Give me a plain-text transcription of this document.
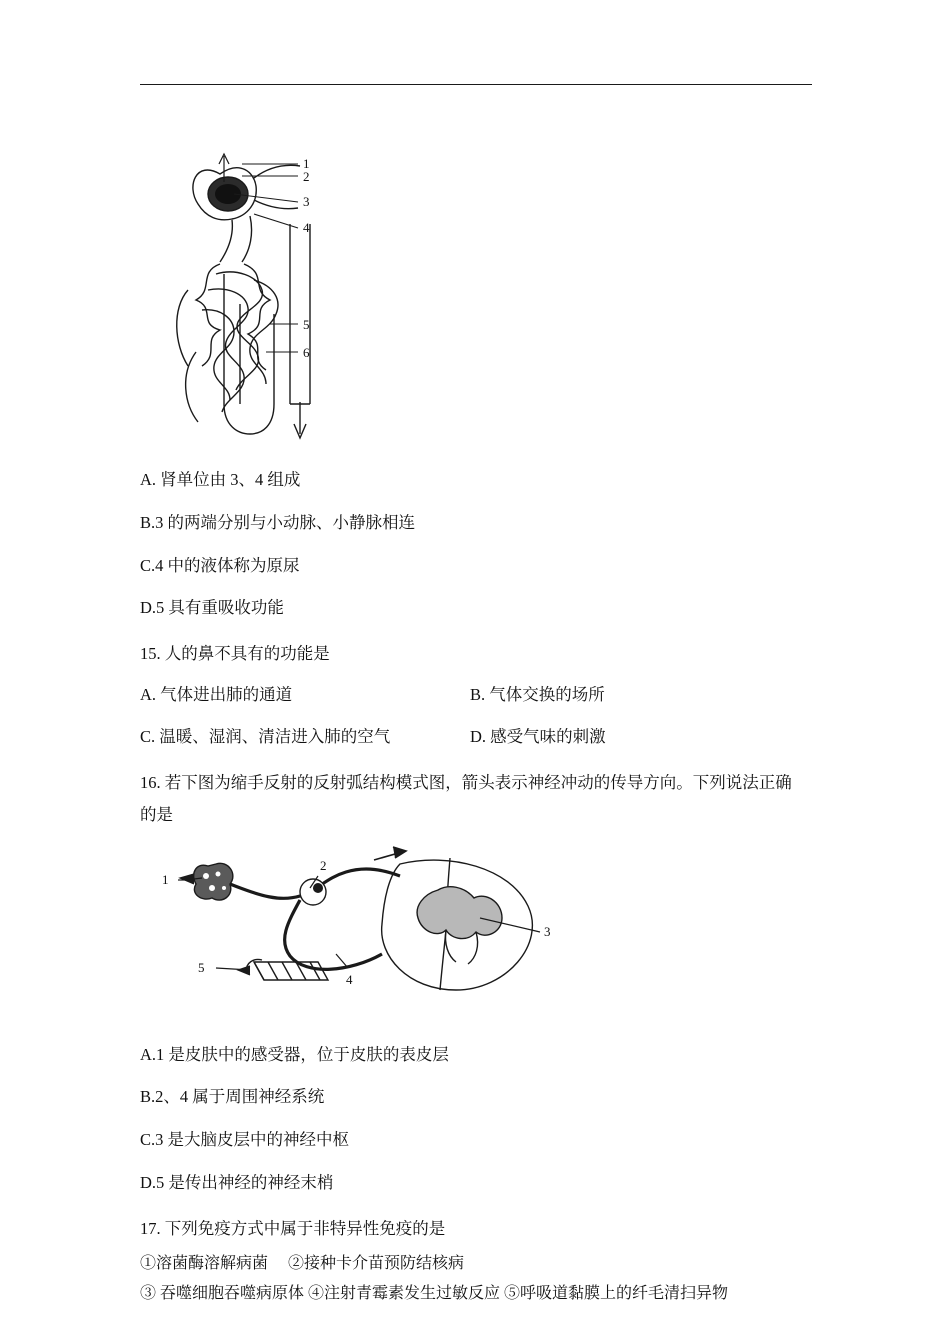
1
2
3
4
5
6

A. 肾单位由 3、4 组成

B.3 的两端分别与小动脉、小静脉相连

C.4 中的液体称为原尿

D.5 具有重吸收功能

15. 人的鼻不具有的功能是

A. 气体进出肺的通道	B. 气体交换的场所
C. 温暖、湿润、清洁进入肺的空气	D. 感受气味的刺激

16. 若下图为缩手反射的反射弧结构模式图，箭头表示神经冲动的传导方向。下列说法正确

的是

1
2
3
4
5

A.1 是皮肤中的感受器，位于皮肤的表皮层

B.2、4 属于周围神经系统

C.3 是大脑皮层中的神经中枢

D.5 是传出神经的神经末梢

17. 下列免疫方式中属于非特异性免疫的是

①溶菌酶溶解病菌　 ②接种卡介苗预防结核病

③ 吞噬细胞吞噬病原体 ④注射青霉素发生过敏反应 ⑤呼吸道黏膜上的纤毛清扫异物
